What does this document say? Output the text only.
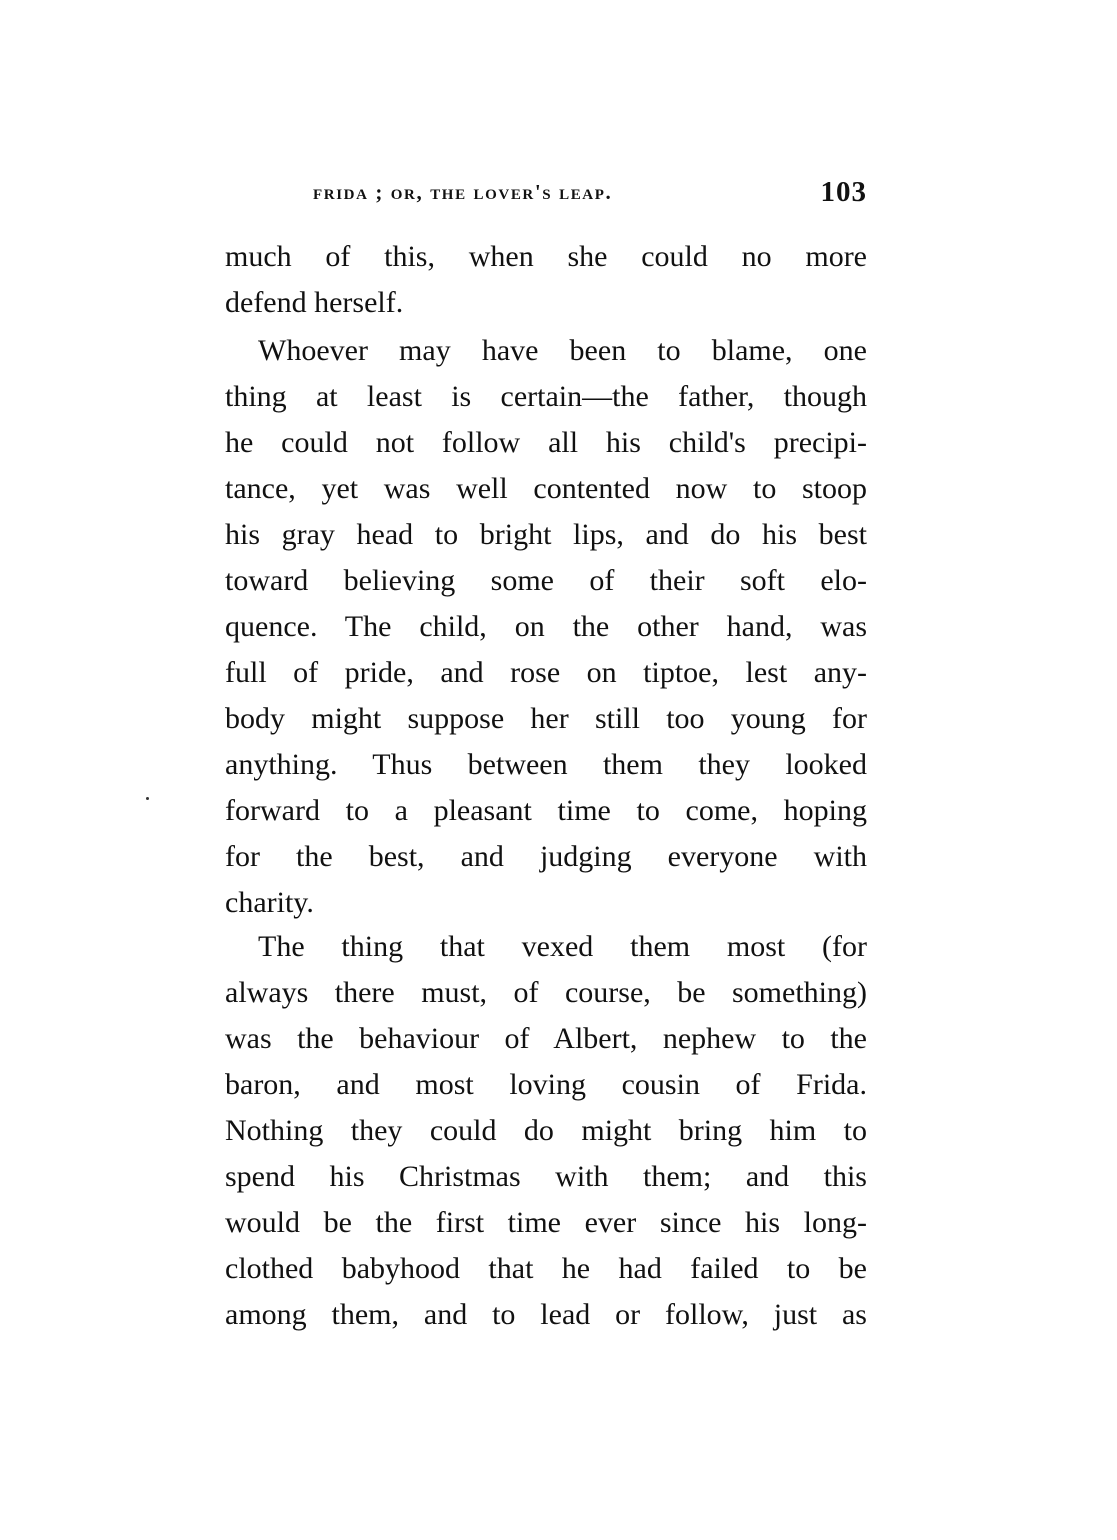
frida ; or, the lover's leap.	103
much of this, when she could no more
defend herself.
Whoever may have been to blame, one
thing at least is certain—the father, though
he could not follow all his child's precipi-
tance, yet was well contented now to stoop
his gray head to bright lips, and do his best
toward believing some of their soft elo-
quence. The child, on the other hand, was
full of pride, and rose on tiptoe, lest any-
body might suppose her still too young for
anything. Thus between them they looked
forward to a pleasant time to come, hoping
for the best, and judging everyone with
charity.
The thing that vexed them most (for
always there must, of course, be something)
was the behaviour of Albert, nephew to the
baron, and most loving cousin of Frida.
Nothing they could do might bring him to
spend his Christmas with them; and this
would be the first time ever since his long-
clothed babyhood that he had failed to be
among them, and to lead or follow, just as
